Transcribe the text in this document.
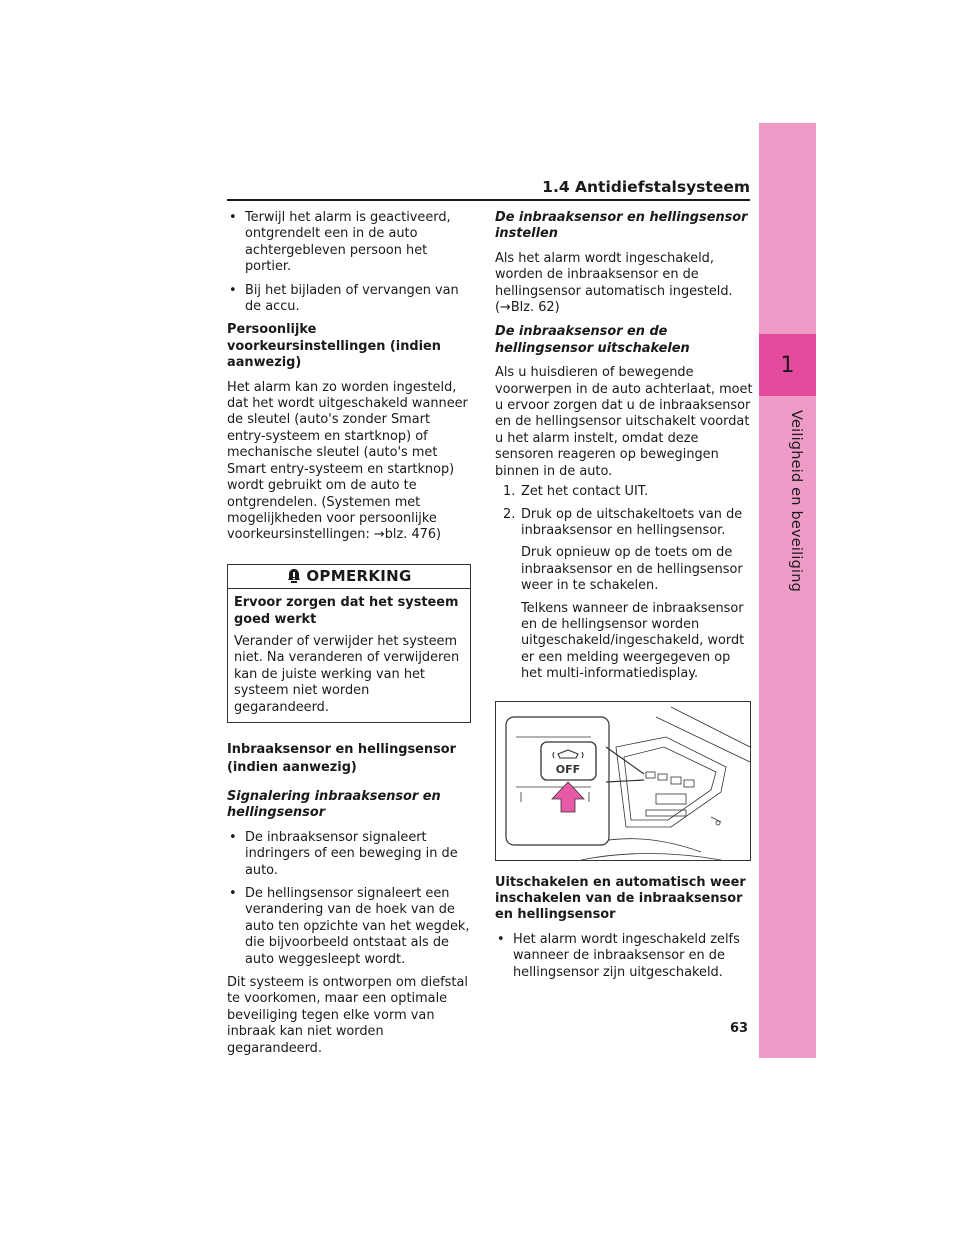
1
Veiligheid en beveiliging
1.4 Antidiefstalsysteem
• Terwijl het alarm is geactiveerd, ontgrendelt een in de auto achtergebleven persoon het portier.
• Bij het bijladen of vervangen van de accu.
Persoonlijke voorkeursinstellingen (indien aanwezig)

Het alarm kan zo worden ingesteld, dat het wordt uitgeschakeld wanneer de sleutel (auto's zonder Smart entry-systeem en startknop) of mechanische sleutel (auto's met Smart entry-systeem en startknop) wordt gebruikt om de auto te ontgrendelen. (Systemen met mogelijkheden voor persoonlijke voorkeursinstellingen: →blz. 476)

OPMERKING

Ervoor zorgen dat het systeem goed werkt

Verander of verwijder het systeem niet. Na veranderen of verwijderen kan de juiste werking van het systeem niet worden gegarandeerd.

Inbraaksensor en hellingsensor (indien aanwezig)
Signalering inbraaksensor en hellingsensor
• De inbraaksensor signaleert indringers of een beweging in de auto.
• De hellingsensor signaleert een verandering van de hoek van de auto ten opzichte van het wegdek, die bijvoorbeeld ontstaat als de auto weggesleept wordt.

Dit systeem is ontworpen om diefstal te voorkomen, maar een optimale beveiliging tegen elke vorm van inbraak kan niet worden gegarandeerd.

De inbraaksensor en hellingsensor instellen

Als het alarm wordt ingeschakeld, worden de inbraaksensor en de hellingsensor automatisch ingesteld. (→Blz. 62)

De inbraaksensor en de hellingsensor uitschakelen

Als u huisdieren of bewegende voorwerpen in de auto achterlaat, moet u ervoor zorgen dat u de inbraaksensor en de hellingsensor uitschakelt voordat u het alarm instelt, omdat deze sensoren reageren op bewegingen binnen in de auto.

1. Zet het contact UIT.
2. Druk op de uitschakeltoets van de inbraaksensor en hellingsensor.
Druk opnieuw op de toets om de inbraaksensor en de hellingsensor weer in te schakelen.
Telkens wanneer de inbraaksensor en de hellingsensor worden uitgeschakeld/ingeschakeld, wordt er een melding weergegeven op het multi-informatiedisplay.
OFF
Uitschakelen en automatisch weer inschakelen van de inbraaksensor en hellingsensor
• Het alarm wordt ingeschakeld zelfs wanneer de inbraaksensor en de hellingsensor zijn uitgeschakeld.
63
